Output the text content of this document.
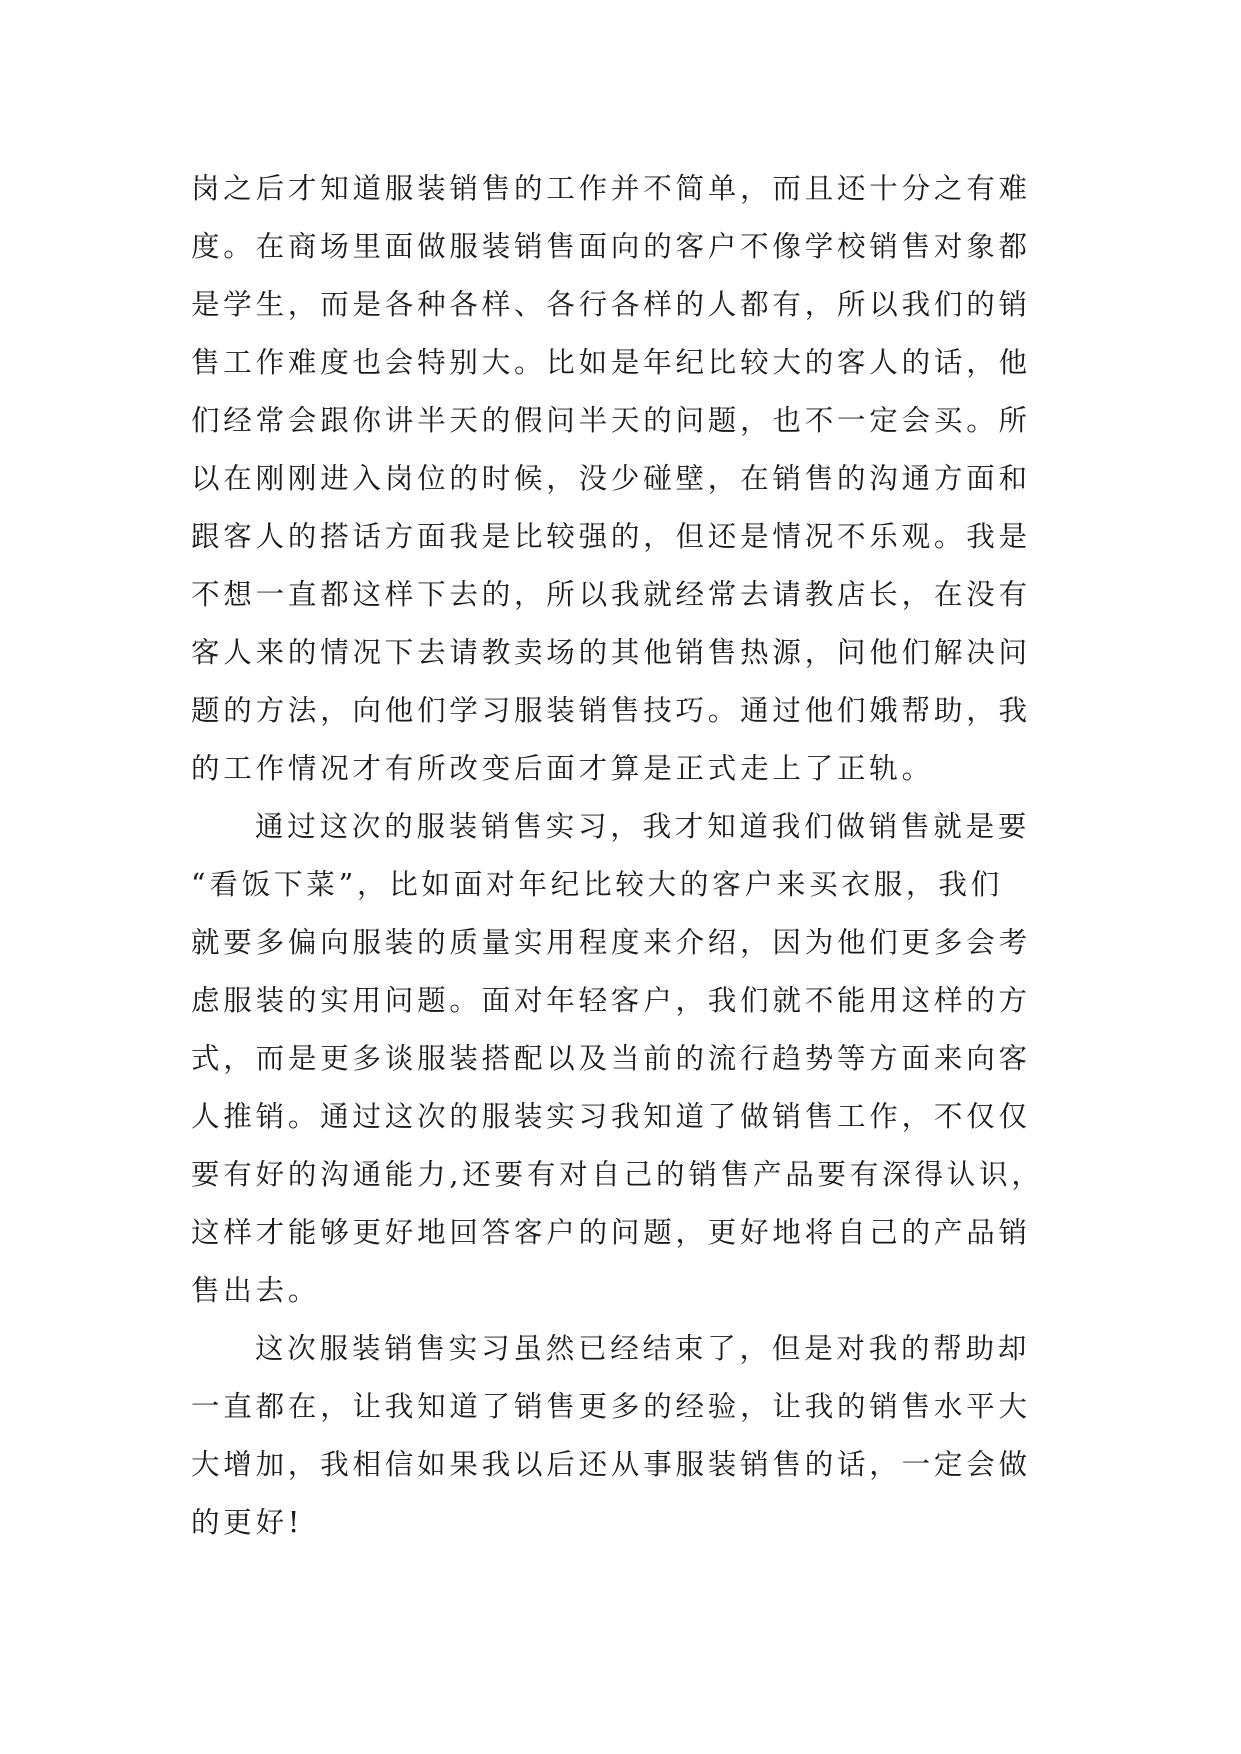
岗之后才知道服装销售的工作并不简单，而且还十分之有难
度。在商场里面做服装销售面向的客户不像学校销售对象都
是学生，而是各种各样、各行各样的人都有，所以我们的销
售工作难度也会特别大。比如是年纪比较大的客人的话，他
们经常会跟你讲半天的假问半天的问题，也不一定会买。所
以在刚刚进入岗位的时候，没少碰壁，在销售的沟通方面和
跟客人的搭话方面我是比较强的，但还是情况不乐观。我是
不想一直都这样下去的，所以我就经常去请教店长，在没有
客人来的情况下去请教卖场的其他销售热源，问他们解决问
题的方法，向他们学习服装销售技巧。通过他们娥帮助，我
的工作情况才有所改变后面才算是正式走上了正轨。
通过这次的服装销售实习，我才知道我们做销售就是要
“看饭下菜”，比如面对年纪比较大的客户来买衣服，我们
就要多偏向服装的质量实用程度来介绍，因为他们更多会考
虑服装的实用问题。面对年轻客户，我们就不能用这样的方
式，而是更多谈服装搭配以及当前的流行趋势等方面来向客
人推销。通过这次的服装实习我知道了做销售工作，不仅仅
要有好的沟通能力,还要有对自己的销售产品要有深得认识，
这样才能够更好地回答客户的问题，更好地将自己的产品销
售出去。
这次服装销售实习虽然已经结束了，但是对我的帮助却
一直都在，让我知道了销售更多的经验，让我的销售水平大
大增加，我相信如果我以后还从事服装销售的话，一定会做
的更好!
